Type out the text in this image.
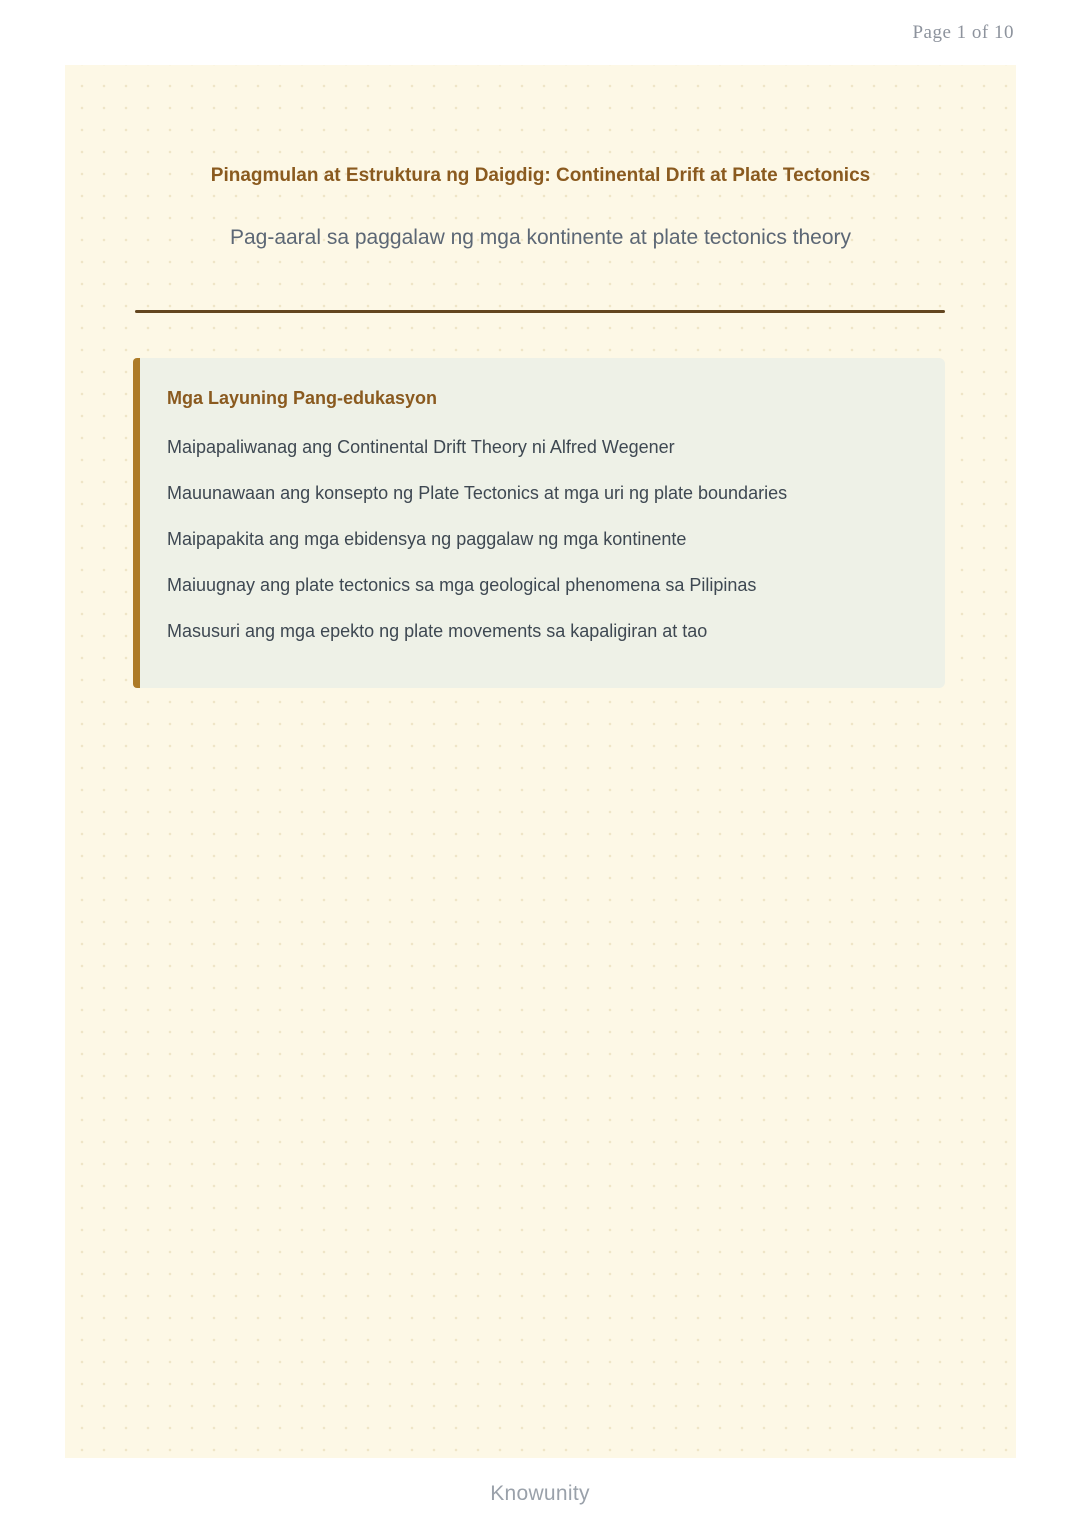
Page 1 of 10
Pinagmulan at Estruktura ng Daigdig: Continental Drift at Plate Tectonics

Pag-aaral sa paggalaw ng mga kontinente at plate tectonics theory

Mga Layuning Pang-edukasyon
Maipapaliwanag ang Continental Drift Theory ni Alfred Wegener
Mauunawaan ang konsepto ng Plate Tectonics at mga uri ng plate boundaries
Maipapakita ang mga ebidensya ng paggalaw ng mga kontinente
Maiuugnay ang plate tectonics sa mga geological phenomena sa Pilipinas
Masusuri ang mga epekto ng plate movements sa kapaligiran at tao
Knowunity
